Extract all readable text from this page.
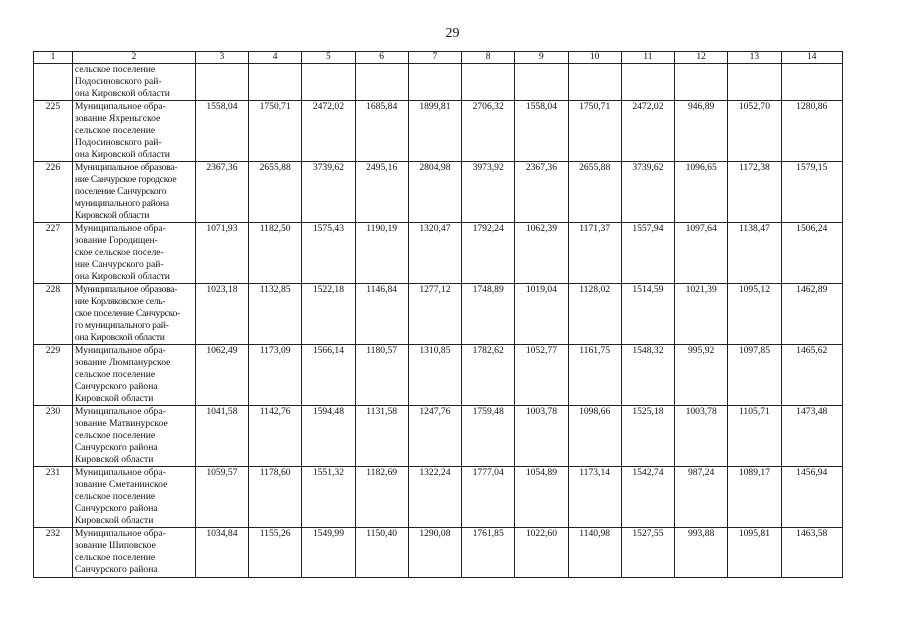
29
1	2	3	4	5	6	7	8	9	10	11	12	13	14

	сельское поселение
Подосиновского рай-
она Кировской области												

225	Муниципальное обра-
зование Яхреньгское
сельское поселение
Подосиновского рай-
она Кировской области	1558,04	1750,71	2472,02	1685,84	1899,81	2706,32	1558,04	1750,71	2472,02	946,89	1052,70	1280,86
226	Муниципальное образова-
ние Санчурское городское
поселение Санчурского
муниципального района
Кировской области	2367,36	2655,88	3739,62	2495,16	2804,98	3973,92	2367,36	2655,88	3739,62	1096,65	1172,38	1579,15
227	Муниципальное обра-
зование Городищен-
ское сельское поселе-
ние Санчурского рай-
она Кировской области	1071,93	1182,50	1575,43	1190,19	1320,47	1792,24	1062,39	1171,37	1557,94	1097,64	1138,47	1506,24
228	Муниципальное образова-
ние Корляковское сель-
ское поселение Санчурско-
го муниципального рай-
она Кировской области	1023,18	1132,85	1522,18	1146,84	1277,12	1748,89	1019,04	1128,02	1514,59	1021,39	1095,12	1462,89
229	Муниципальное обра-
зование Люмпанурское
сельское поселение
Санчурского района
Кировской области	1062,49	1173,09	1566,14	1180,57	1310,85	1782,62	1052,77	1161,75	1548,32	995,92	1097,85	1465,62
230	Муниципальное обра-
зование Матвинурское
сельское поселение
Санчурского района
Кировской области	1041,58	1142,76	1594,48	1131,58	1247,76	1759,48	1003,78	1098,66	1525,18	1003,78	1105,71	1473,48
231	Муниципальное обра-
зование Сметанинское
сельское поселение
Санчурского района
Кировской области	1059,57	1178,60	1551,32	1182,69	1322,24	1777,04	1054,89	1173,14	1542,74	987,24	1089,17	1456,94
232	Муниципальное обра-
зование Шиповское
сельское поселение
Санчурского района	1034,84	1155,26	1549,99	1150,40	1290,08	1761,85	1022,60	1140,98	1527,55	993,88	1095,81	1463,58
